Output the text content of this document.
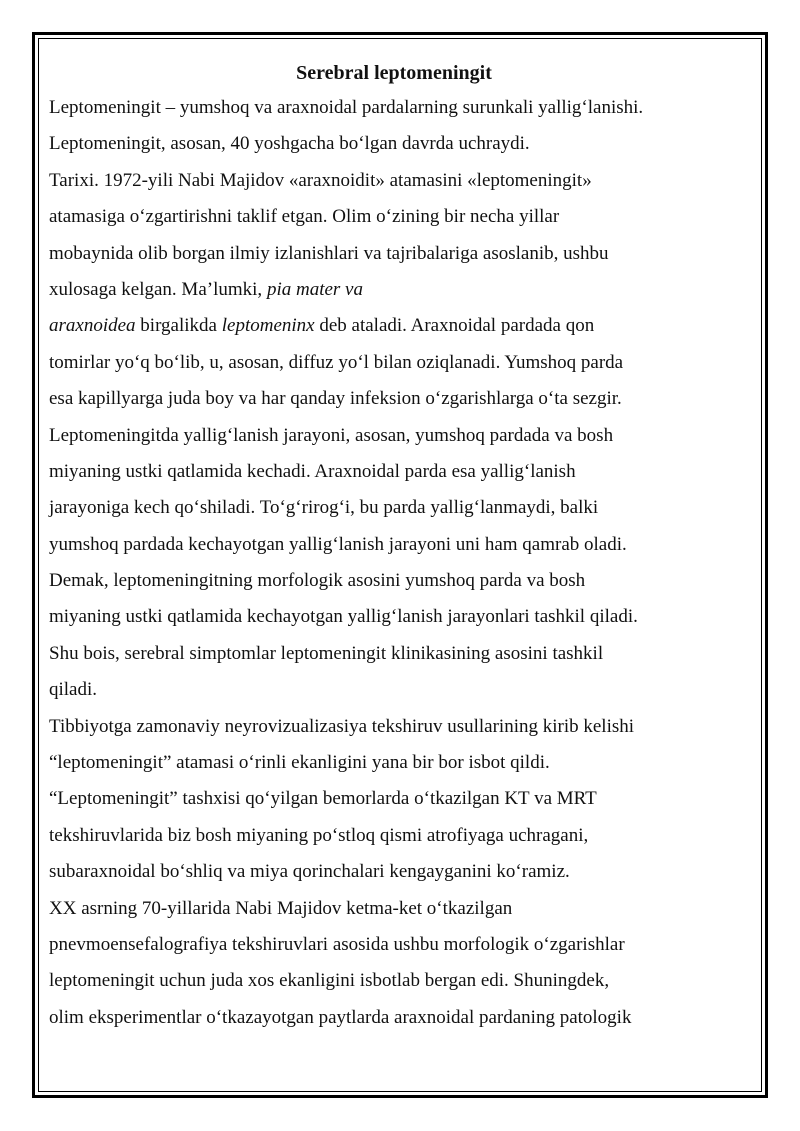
Serebral leptomeningit
Leptomeningit – yumshoq va araxnoidal pardalarning surunkali yallig‘lanishi.
Leptomeningit, asosan, 40 yoshgacha bo‘lgan davrda uchraydi.
Tarixi. 1972-yili Nabi Majidov «araxnoidit» atamasini «leptomeningit»
atamasiga o‘zgartirishni taklif etgan. Olim o‘zining bir necha yillar
mobaynida olib borgan ilmiy izlanishlari va tajribalariga asoslanib, ushbu
xulosaga kelgan. Ma’lumki, pia mater va
araxnoidea birgalikda leptomeninx deb ataladi. Araxnoidal pardada qon
tomirlar yo‘q bo‘lib, u, asosan, diffuz yo‘l bilan oziqlanadi. Yumshoq parda
esa kapillyarga juda boy va har qanday infeksion o‘zgarishlarga o‘ta sezgir.
Leptomeningitda yallig‘lanish jarayoni, asosan, yumshoq pardada va bosh
miyaning ustki qatlamida kechadi. Araxnoidal parda esa yallig‘lanish
jarayoniga kech qo‘shiladi. To‘g‘rirog‘i, bu parda yallig‘lanmaydi, balki
yumshoq pardada kechayotgan yallig‘lanish jarayoni uni ham qamrab oladi.
Demak, leptomeningitning morfologik asosini yumshoq parda va bosh
miyaning ustki qatlamida kechayotgan yallig‘lanish jarayonlari tashkil qiladi.
Shu bois, serebral simptomlar leptomeningit klinikasining asosini tashkil
qiladi.
Tibbiyotga zamonaviy neyrovizualizasiya tekshiruv usullarining kirib kelishi
“leptomeningit” atamasi o‘rinli ekanligini yana bir bor isbot qildi.
“Leptomeningit” tashxisi qo‘yilgan bemorlarda o‘tkazilgan KT va MRT
tekshiruvlarida biz bosh miyaning po‘stloq qismi atrofiyaga uchragani,
subaraxnoidal bo‘shliq va miya qorinchalari kengayganini ko‘ramiz.
XX asrning 70-yillarida Nabi Majidov ketma-ket o‘tkazilgan
pnevmoensefalografiya tekshiruvlari asosida ushbu morfologik o‘zgarishlar
leptomeningit uchun juda xos ekanligini isbotlab bergan edi. Shuningdek,
olim eksperimentlar o‘tkazayotgan paytlarda araxnoidal pardaning patologik
